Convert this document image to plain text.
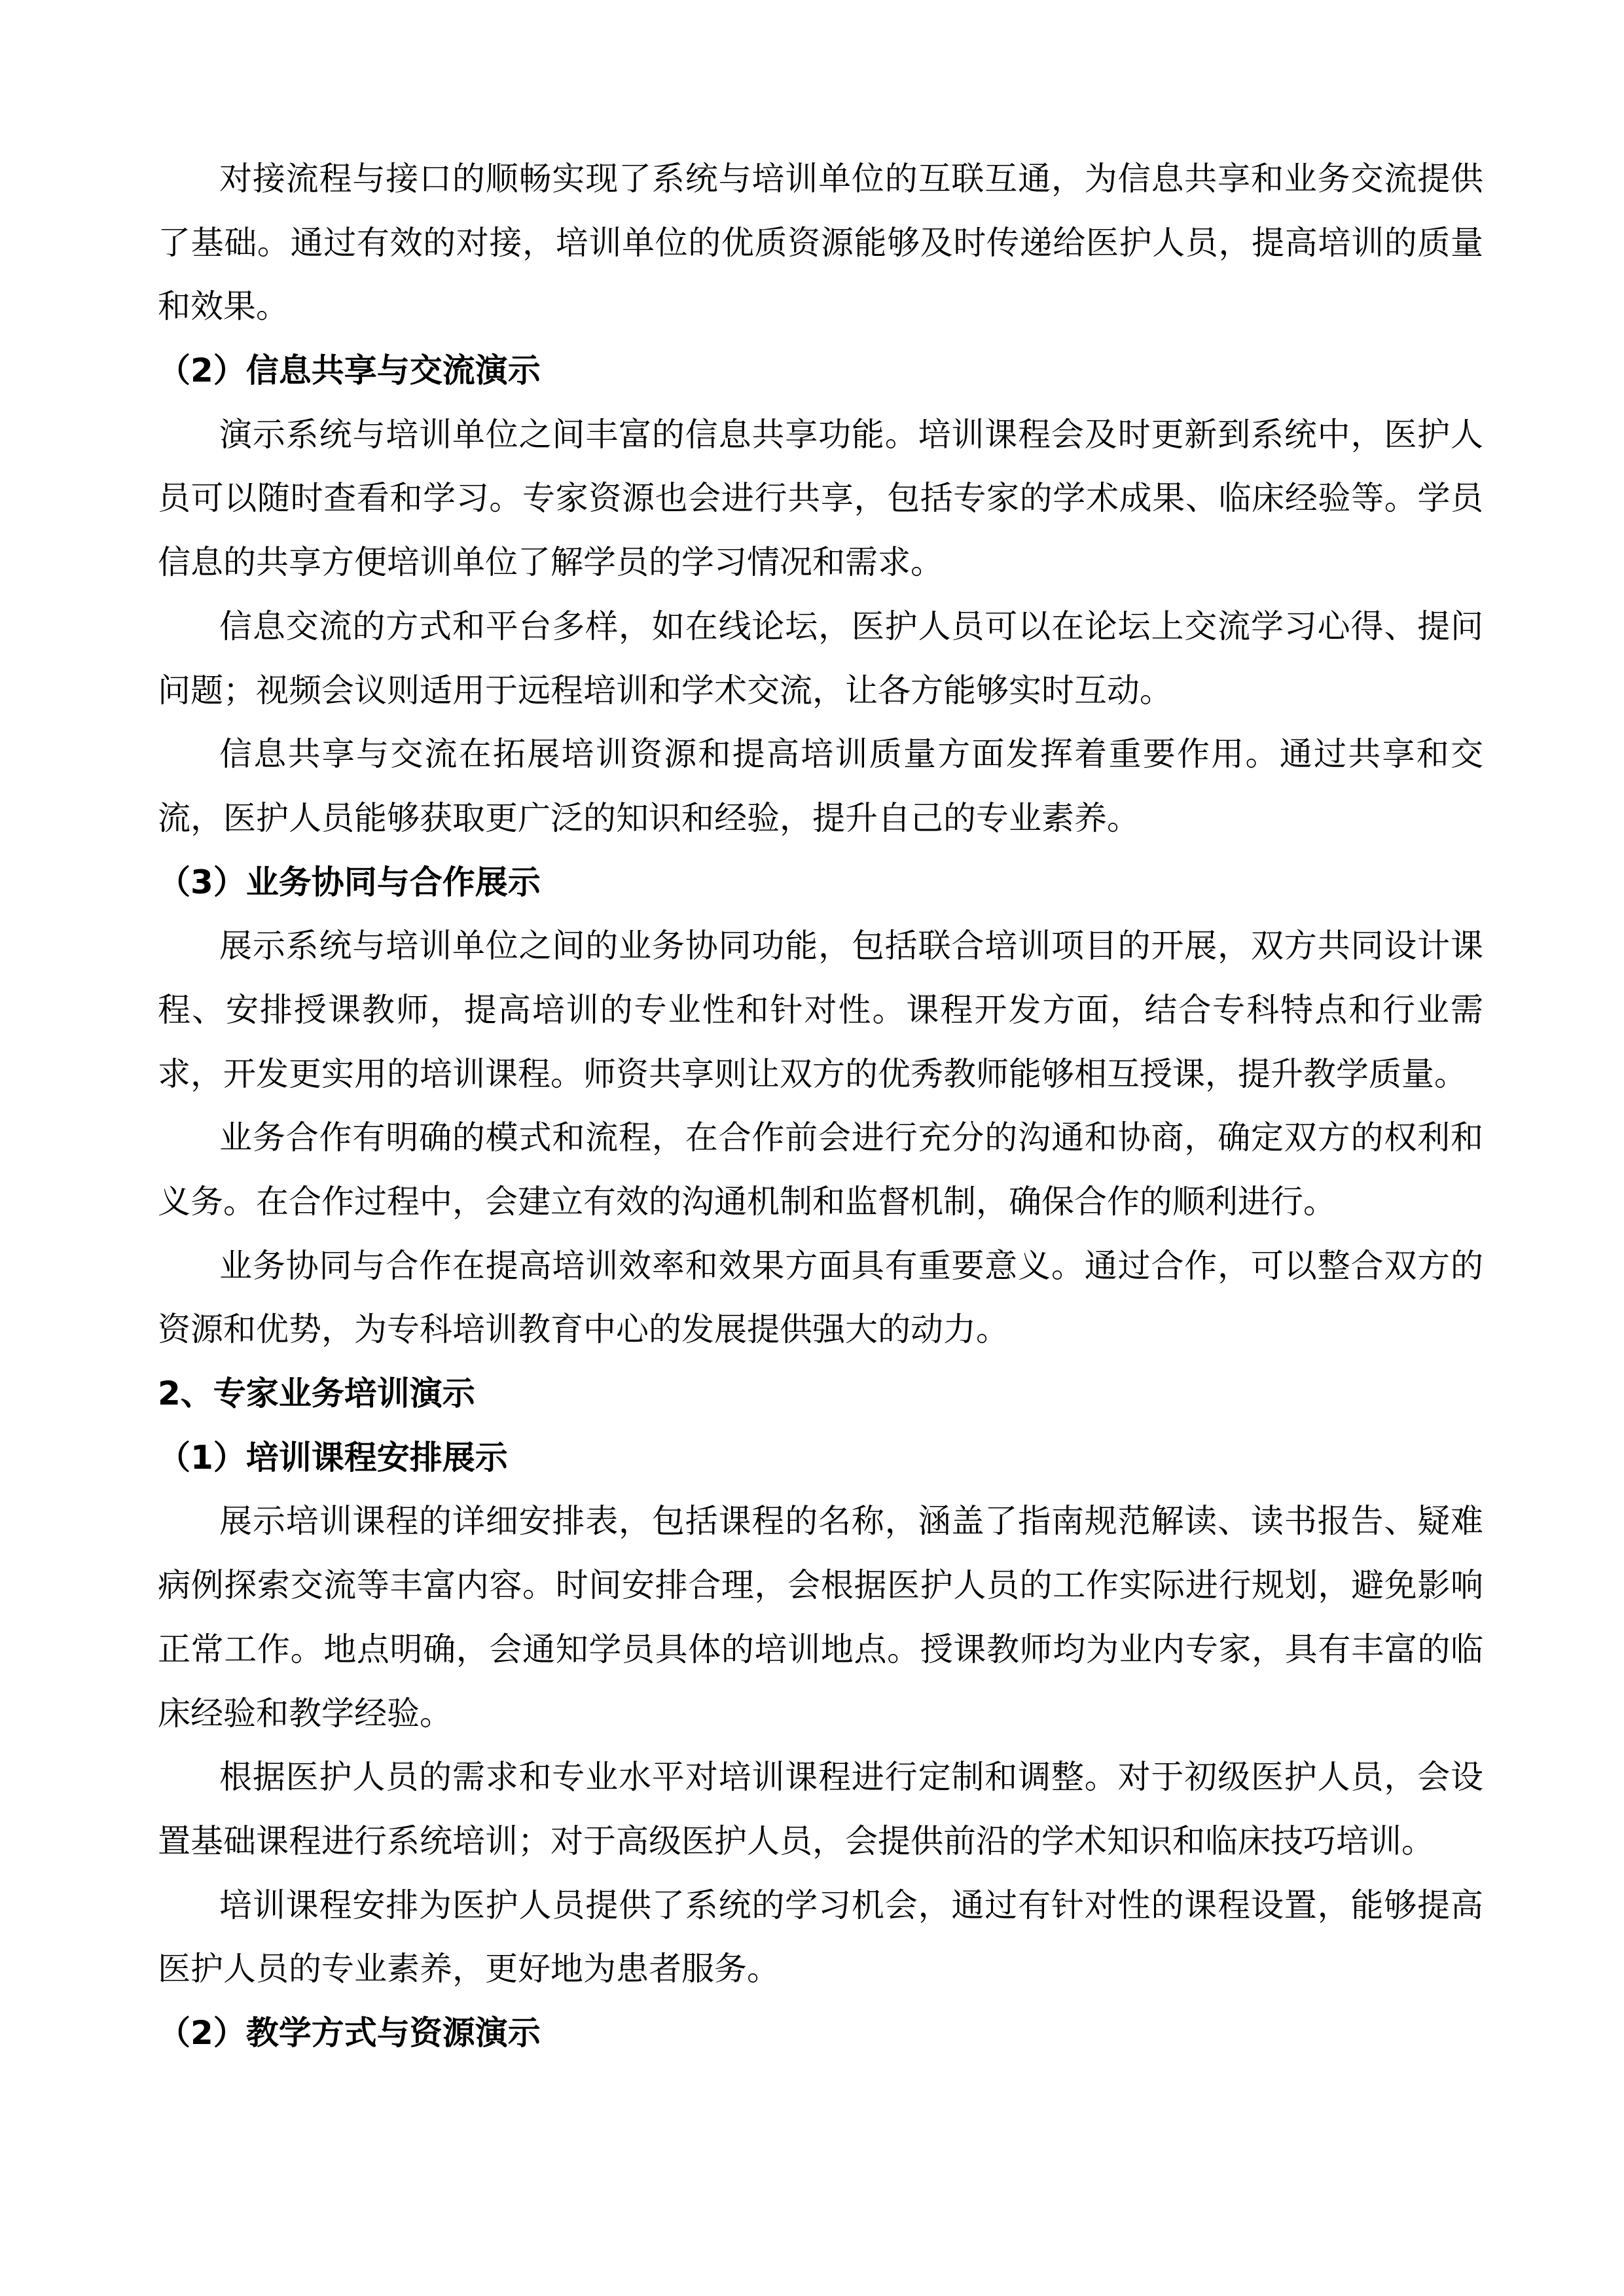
对接流程与接口的顺畅实现了系统与培训单位的互联互通，为信息共享和业务交流提供
了基础。通过有效的对接，培训单位的优质资源能够及时传递给医护人员，提高培训的质量
和效果。
（2）信息共享与交流演示
演示系统与培训单位之间丰富的信息共享功能。培训课程会及时更新到系统中，医护人
员可以随时查看和学习。专家资源也会进行共享，包括专家的学术成果、临床经验等。学员
信息的共享方便培训单位了解学员的学习情况和需求。
信息交流的方式和平台多样，如在线论坛，医护人员可以在论坛上交流学习心得、提问
问题；视频会议则适用于远程培训和学术交流，让各方能够实时互动。
信息共享与交流在拓展培训资源和提高培训质量方面发挥着重要作用。通过共享和交
流，医护人员能够获取更广泛的知识和经验，提升自己的专业素养。
（3）业务协同与合作展示
展示系统与培训单位之间的业务协同功能，包括联合培训项目的开展，双方共同设计课
程、安排授课教师，提高培训的专业性和针对性。课程开发方面，结合专科特点和行业需
求，开发更实用的培训课程。师资共享则让双方的优秀教师能够相互授课，提升教学质量。
业务合作有明确的模式和流程，在合作前会进行充分的沟通和协商，确定双方的权利和
义务。在合作过程中，会建立有效的沟通机制和监督机制，确保合作的顺利进行。
业务协同与合作在提高培训效率和效果方面具有重要意义。通过合作，可以整合双方的
资源和优势，为专科培训教育中心的发展提供强大的动力。
2、专家业务培训演示
（1）培训课程安排展示
展示培训课程的详细安排表，包括课程的名称，涵盖了指南规范解读、读书报告、疑难
病例探索交流等丰富内容。时间安排合理，会根据医护人员的工作实际进行规划，避免影响
正常工作。地点明确，会通知学员具体的培训地点。授课教师均为业内专家，具有丰富的临
床经验和教学经验。
根据医护人员的需求和专业水平对培训课程进行定制和调整。对于初级医护人员，会设
置基础课程进行系统培训；对于高级医护人员，会提供前沿的学术知识和临床技巧培训。
培训课程安排为医护人员提供了系统的学习机会，通过有针对性的课程设置，能够提高
医护人员的专业素养，更好地为患者服务。
（2）教学方式与资源演示
